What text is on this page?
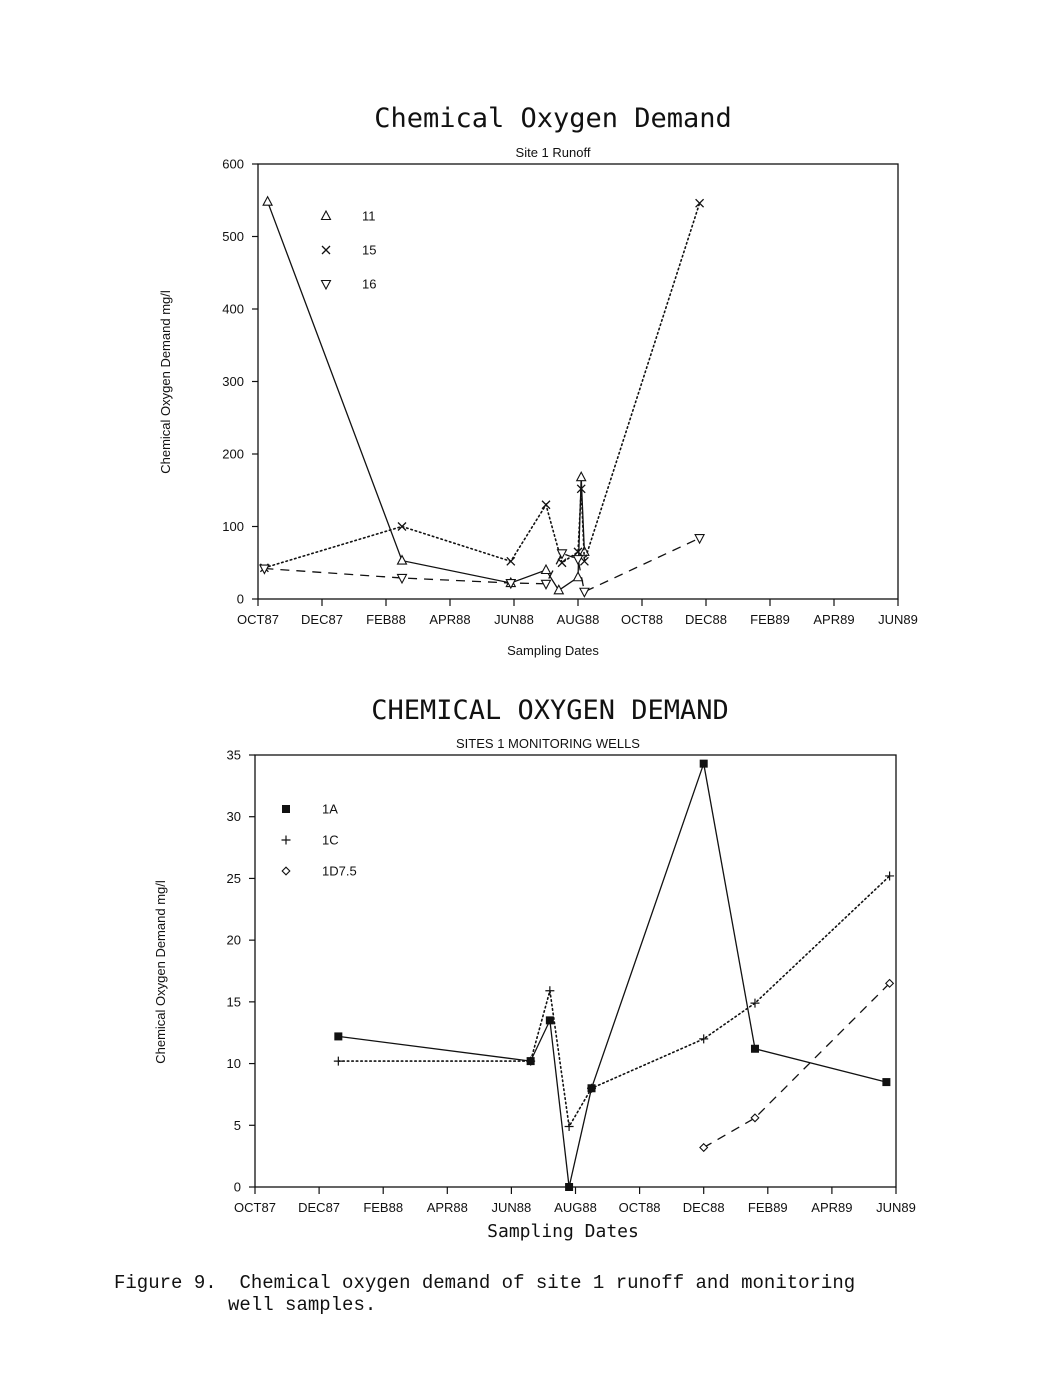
Chemical Oxygen Demand
Site 1 Runoff
Sampling Dates
Chemical Oxygen Demand mg/l
0
100
200
300
400
500
600
OCT87 DEC87 FEB88 APR88 JUN88 AUG88 OCT88 DEC88 FEB89 APR89 JUN89
11
15
16
CHEMICAL OXYGEN DEMAND
SITES 1 MONITORING WELLS
Sampling Dates
Chemical Oxygen Demand mg/l
0
5
10
15
20
25
30
35
OCT87 DEC87 FEB88 APR88 JUN88 AUG88 OCT88 DEC88 FEB89 APR89 JUN89
1A
1C
1D7.5
Figure 9. Chemical oxygen demand of site 1 runoff and monitoring
well samples.
